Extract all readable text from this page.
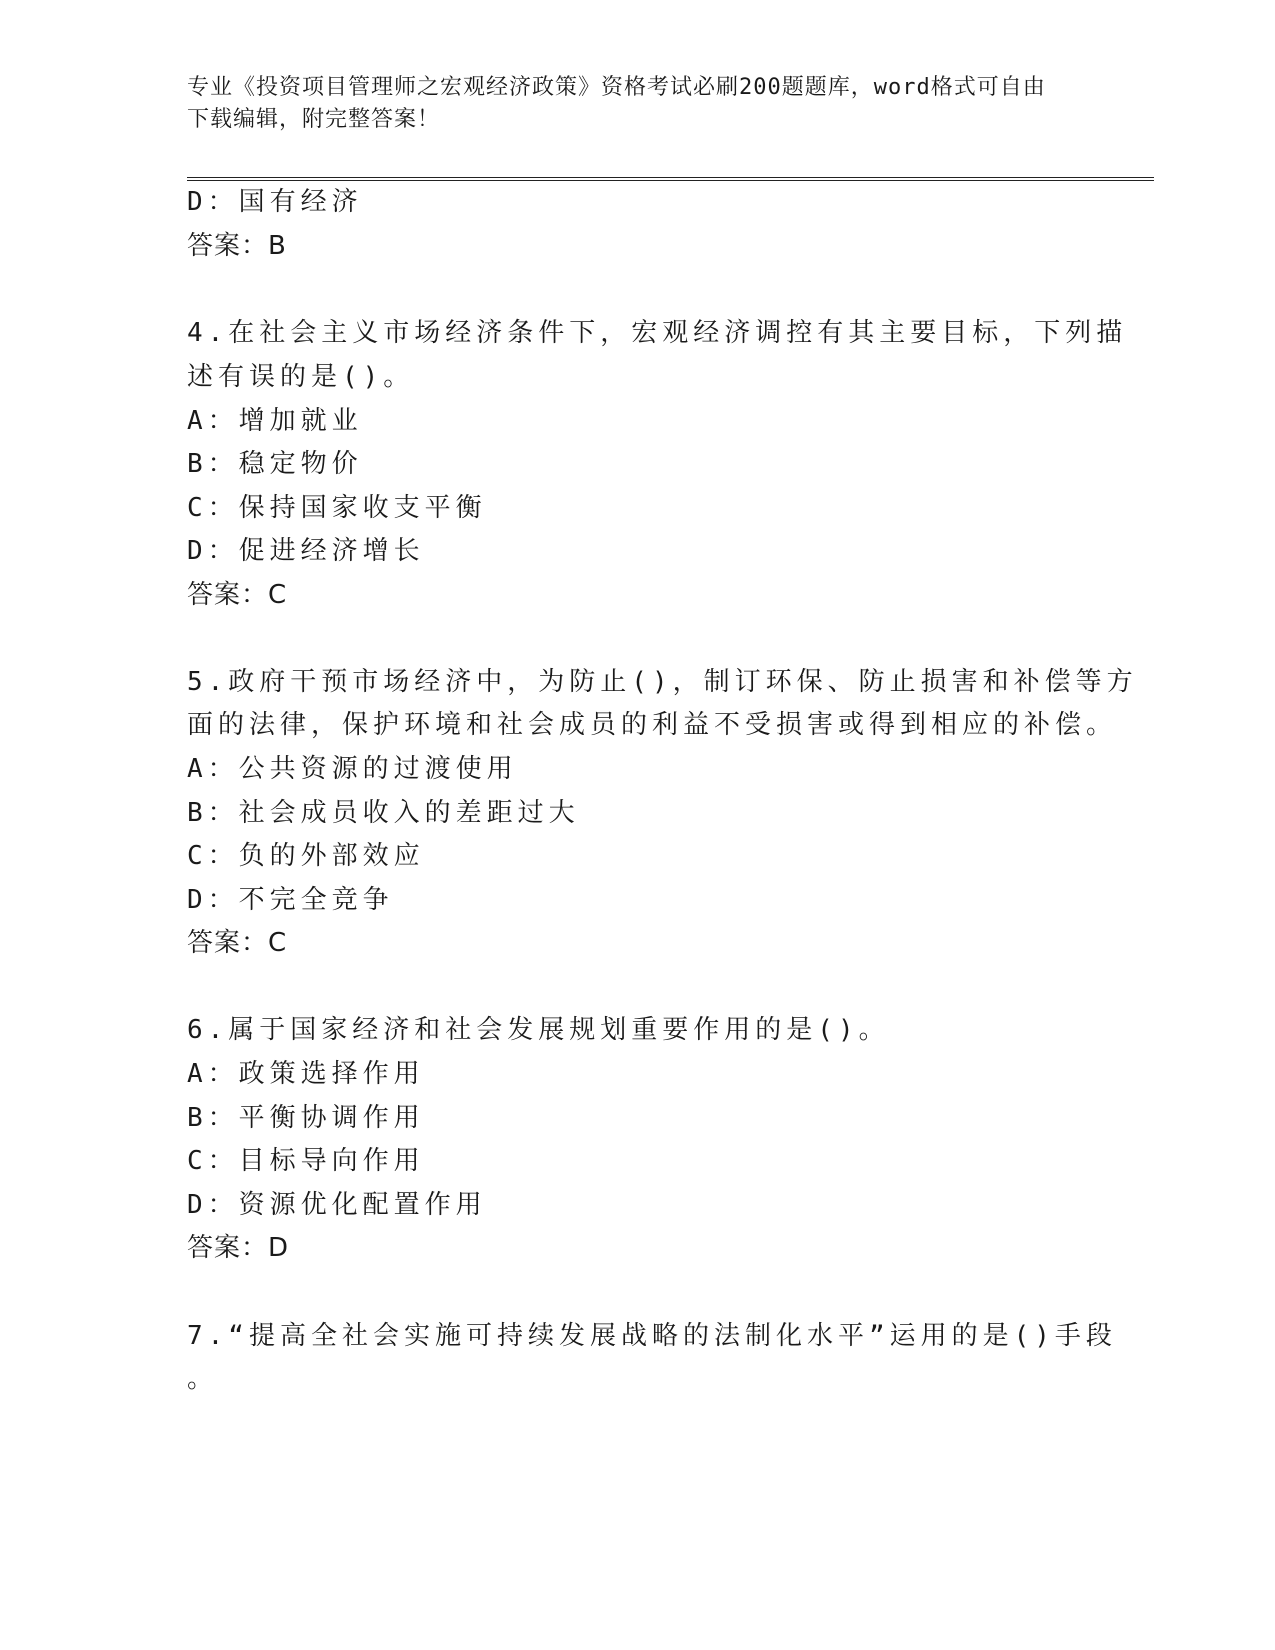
专业《投资项目管理师之宏观经济政策》资格考试必刷200题题库，word格式可自由下载编辑，附完整答案！
D：国有经济
答案：B
4.在社会主义市场经济条件下，宏观经济调控有其主要目标，下列描
述有误的是()。
A：增加就业
B：稳定物价
C：保持国家收支平衡
D：促进经济增长
答案：C
5.政府干预市场经济中，为防止()，制订环保、防止损害和补偿等方
面的法律，保护环境和社会成员的利益不受损害或得到相应的补偿。
A：公共资源的过渡使用
B：社会成员收入的差距过大
C：负的外部效应
D：不完全竞争
答案：C
6.属于国家经济和社会发展规划重要作用的是()。
A：政策选择作用
B：平衡协调作用
C：目标导向作用
D：资源优化配置作用
答案：D
7.“提高全社会实施可持续发展战略的法制化水平”运用的是()手段
。
